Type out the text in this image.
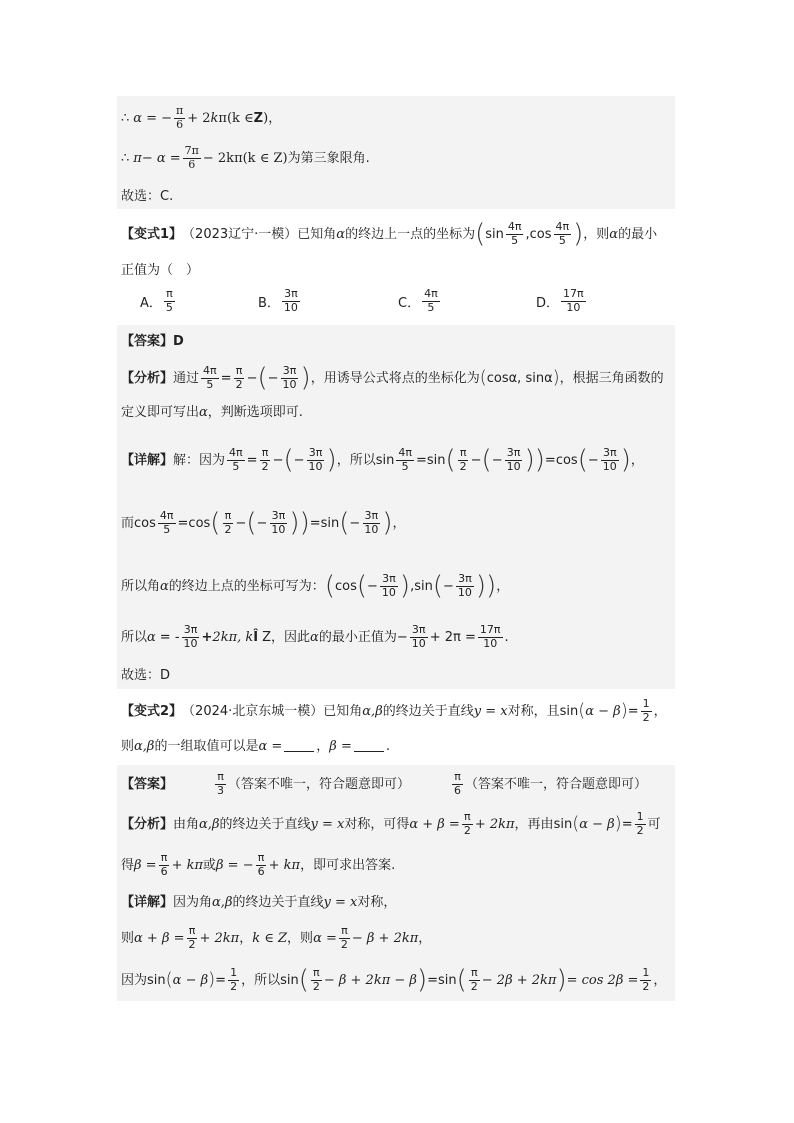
∴ α = − $\frac{\pi}{6} + 2$ k π (k ∈ Z ) ，
∴ $\pi- \alpha = \frac{7\pi}{6} - 2k\pi(k$ ∈ Z) 为第三象限角.
故选：C.
【变式1】 （2023辽宁·一模） 已知角 α 的终边上一点的坐标为 ( $\sin \frac{4\pi}{5}$ , $\cos \frac{4\pi}{5}$ ) ，则 α 的最小
正值为（　）
A． $\frac{\pi}{5}$	B． $\frac{3\pi}{10}$	C． $\frac{4\pi}{5}$	D． $\frac{17\pi}{10}$
【答案】D
【分析】 通过 $\frac{4\pi}{5} = \frac{\pi}{2}$ − ( − $\frac{3\pi}{10}$ ) ，用诱导公式将点的坐标化为 ( cosα, sinα ) ，根据三角函数的
定义即可写出 α ，判断选项即可.
【详解】 解：因为 $\frac{4\pi}{5} = \frac{\pi}{2}$ − ( − $\frac{3\pi}{10}$ ) ，所以 $\sin \frac{4\pi}{5} = \sin$ ( $\frac{\pi}{2}$ − ( − $\frac{3\pi}{10}$ ) ) = cos ( − $\frac{3\pi}{10}$ ) ，
而 $\cos \frac{4\pi}{5} = \cos$ ( $\frac{\pi}{2}$ − ( − $\frac{3\pi}{10}$ ) ) = sin ( − $\frac{3\pi}{10}$ ) ，
所以角 α 的终边上点的坐标可写为： ( cos ( − $\frac{3\pi}{10}$ ) , sin ( − $\frac{3\pi}{10}$ ) ) ，
所以 α = - $\frac{3\pi}{10} + 2k\pi$, k Î Z ，因此 α 的最小正值为 − $\frac{3\pi}{10} + 2\pi = \frac{17\pi}{10}$ .
故选：D
【变式2】 （2024·北京东城一模） 已知角 α,β 的终边关于直线 y = x 对称，且 sin ( α − β ) = $\frac{1}{2}$ ，
则 α,β 的一组取值可以是 α =	， β =	.
【答案】	$\frac{\pi}{3}$ （答案不唯一，符合题意即可）	$\frac{\pi}{6}$ （答案不唯一，符合题意即可）
【分析】 由角 α,β 的终边关于直线 y = x 对称，可得 $\alpha + \beta = \frac{\pi}{2} + 2k\pi$ ，再由 sin ( α − β ) = $\frac{1}{2}$ 可
得 $\beta = \frac{\pi}{6} + k\pi$ 或 β = − $\frac{\pi}{6} + k\pi$ ，即可求出答案.
【详解】 因为角 α,β 的终边关于直线 y = x 对称，
则 $\alpha + \beta = \frac{\pi}{2} + 2k\pi$ ， k ∈ Z ，则 $\alpha = \frac{\pi}{2} - \beta + 2k\pi$ ，
因为 sin ( α − β ) = $\frac{1}{2}$ ，所以 sin ( $\frac{\pi}{2} - \beta + 2k\pi - \beta$ ) = sin ( $\frac{\pi}{2} - 2\beta + 2k\pi$ ) = $\cos 2\beta = \frac{1}{2}$ ，
